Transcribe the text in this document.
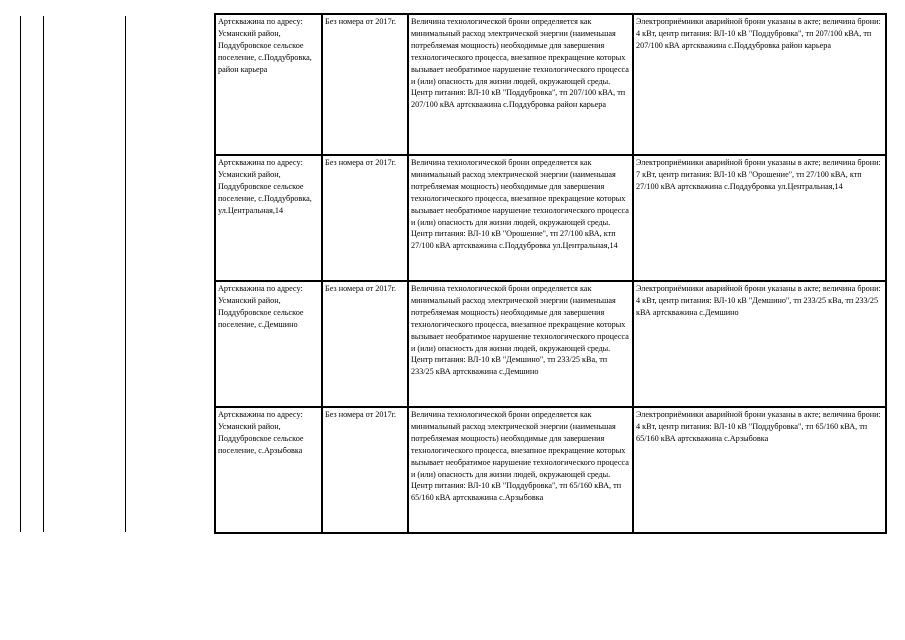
Артскважина по адресу: Усманский район, Поддубровское сельское поселение, с.Поддубровка, район карьера	Без номера от 2017г.	Величина технологической брони определяется как минимальный расход электрической энергии (наименьшая потребляемая мощность) необходимые для завершения технологического процесса, внезапное прекращение которых вызывает необратимое нарушение технологического процесса и (или) опасность для жизни людей, окружающей среды. Центр питания: ВЛ-10 кВ "Поддубровка", тп 207/100 кВА, тп 207/100 кВА артскважина с.Поддубровка район карьера	Электроприёмники аварийной брони указаны в акте; величина брони: 4 кВт, центр питания: ВЛ-10 кВ "Поддубровка", тп 207/100 кВА, тп 207/100 кВА артскважина с.Поддубровка район карьера
Артскважина по адресу: Усманский район, Поддубровское сельское поселение, с.Поддубровка, ул.Центральная,14	Без номера от 2017г.	Величина технологической брони определяется как минимальный расход электрической энергии (наименьшая потребляемая мощность) необходимые для завершения технологического процесса, внезапное прекращение которых вызывает необратимое нарушение технологического процесса и (или) опасность для жизни людей, окружающей среды. Центр питания: ВЛ-10 кВ "Орошение", тп 27/100 кВА, ктп 27/100 кВА артскважина с.Поддубровка ул.Центральная,14	Электроприёмники аварийной брони указаны в акте; величина брони: 7 кВт, центр питания: ВЛ-10 кВ "Орошение", тп 27/100 кВА, ктп 27/100 кВА артскважина с.Поддубровка ул.Центральная,14
Артскважина по адресу: Усманский район, Поддубровское сельское поселение, с.Демшино	Без номера от 2017г.	Величина технологической брони определяется как минимальный расход электрической энергии (наименьшая потребляемая мощность) необходимые для завершения технологического процесса, внезапное прекращение которых вызывает необратимое нарушение технологического процесса и (или) опасность для жизни людей, окружающей среды. Центр питания: ВЛ-10 кВ "Демшино", тп 233/25 кВа, тп 233/25 кВА артскважина с.Демшино	Электроприёмники аварийной брони указаны в акте; величина брони: 4 кВт, центр питания: ВЛ-10 кВ "Демшино", тп 233/25 кВа, тп 233/25 кВА артскважина с.Демшино
Артскважина по адресу: Усманский район, Поддубровское сельское поселение, с.Арзыбовка	Без номера от 2017г.	Величина технологической брони определяется как минимальный расход электрической энергии (наименьшая потребляемая мощность) необходимые для завершения технологического процесса, внезапное прекращение которых вызывает необратимое нарушение технологического процесса и (или) опасность для жизни людей, окружающей среды. Центр питания: ВЛ-10 кВ "Поддубровка", тп 65/160 кВА, тп 65/160 кВА артскважина с.Арзыбовка	Электроприёмники аварийной брони указаны в акте; величина брони: 4 кВт, центр питания: ВЛ-10 кВ "Поддубровка", тп 65/160 кВА, тп 65/160 кВА артскважина с.Арзыбовка
